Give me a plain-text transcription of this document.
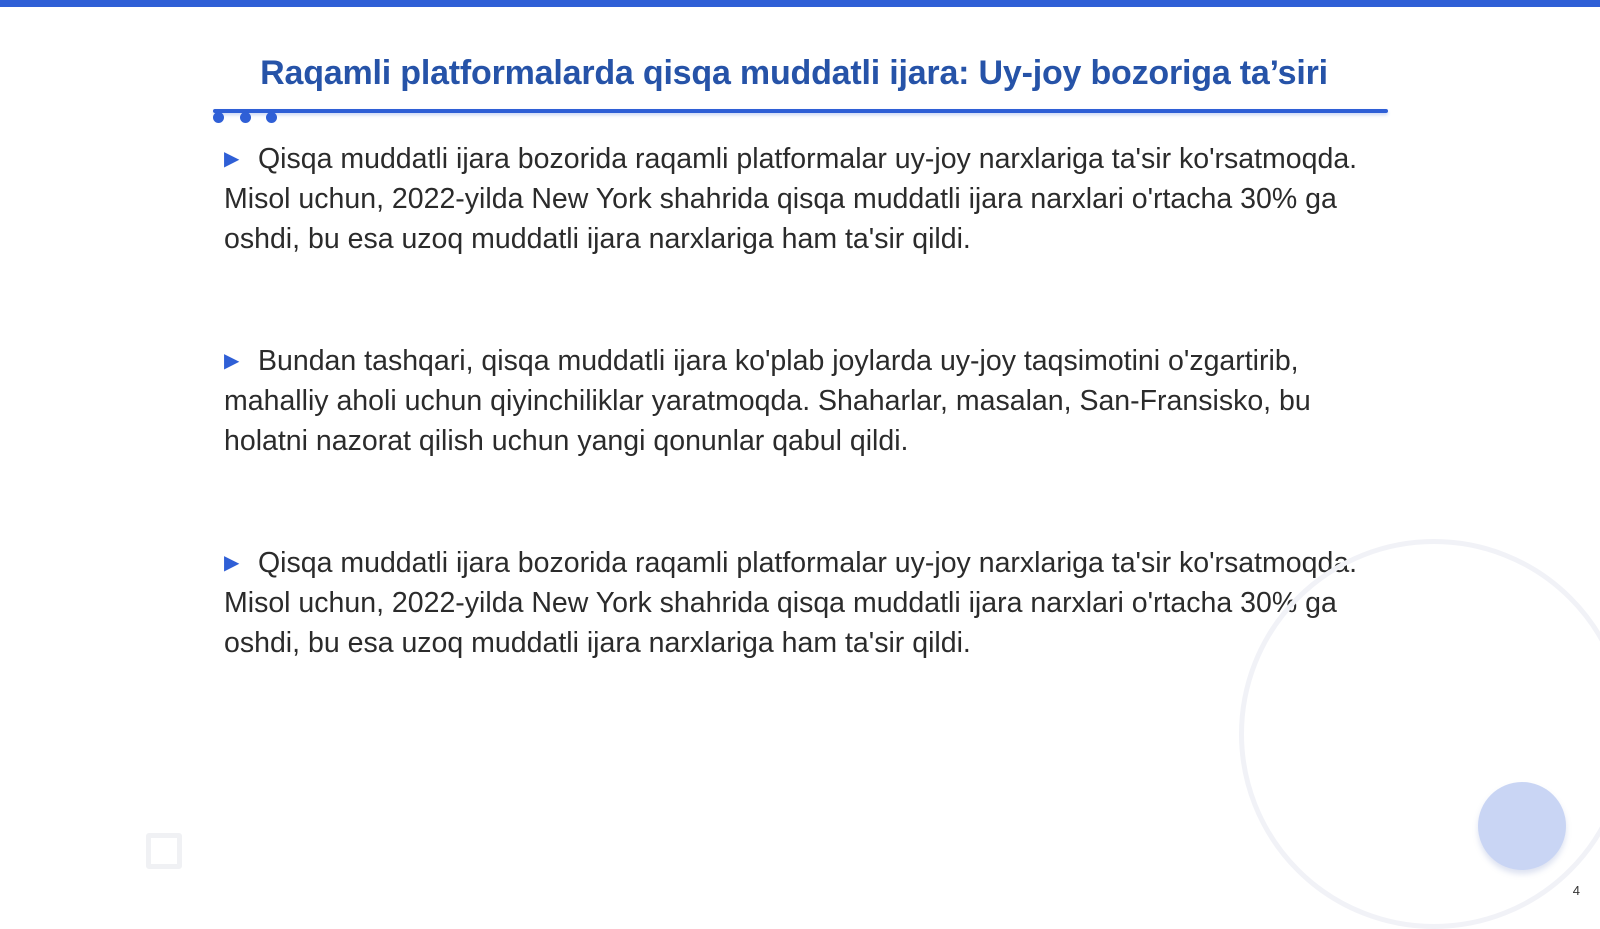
Raqamli platformalarda qisqa muddatli ijara: Uy-joy bozoriga ta’siri

▶ Qisqa muddatli ijara bozorida raqamli platformalar uy-joy narxlariga ta'sir ko'rsatmoqda. Misol uchun, 2022-yilda New York shahrida qisqa muddatli ijara narxlari o'rtacha 30% ga oshdi, bu esa uzoq muddatli ijara narxlariga ham ta'sir qildi.

▶ Bundan tashqari, qisqa muddatli ijara ko'plab joylarda uy-joy taqsimotini o'zgartirib, mahalliy aholi uchun qiyinchiliklar yaratmoqda. Shaharlar, masalan, San-Fransisko, bu holatni nazorat qilish uchun yangi qonunlar qabul qildi.

▶ Qisqa muddatli ijara bozorida raqamli platformalar uy-joy narxlariga ta'sir ko'rsatmoqda. Misol uchun, 2022-yilda New York shahrida qisqa muddatli ijara narxlari o'rtacha 30% ga oshdi, bu esa uzoq muddatli ijara narxlariga ham ta'sir qildi.

4
